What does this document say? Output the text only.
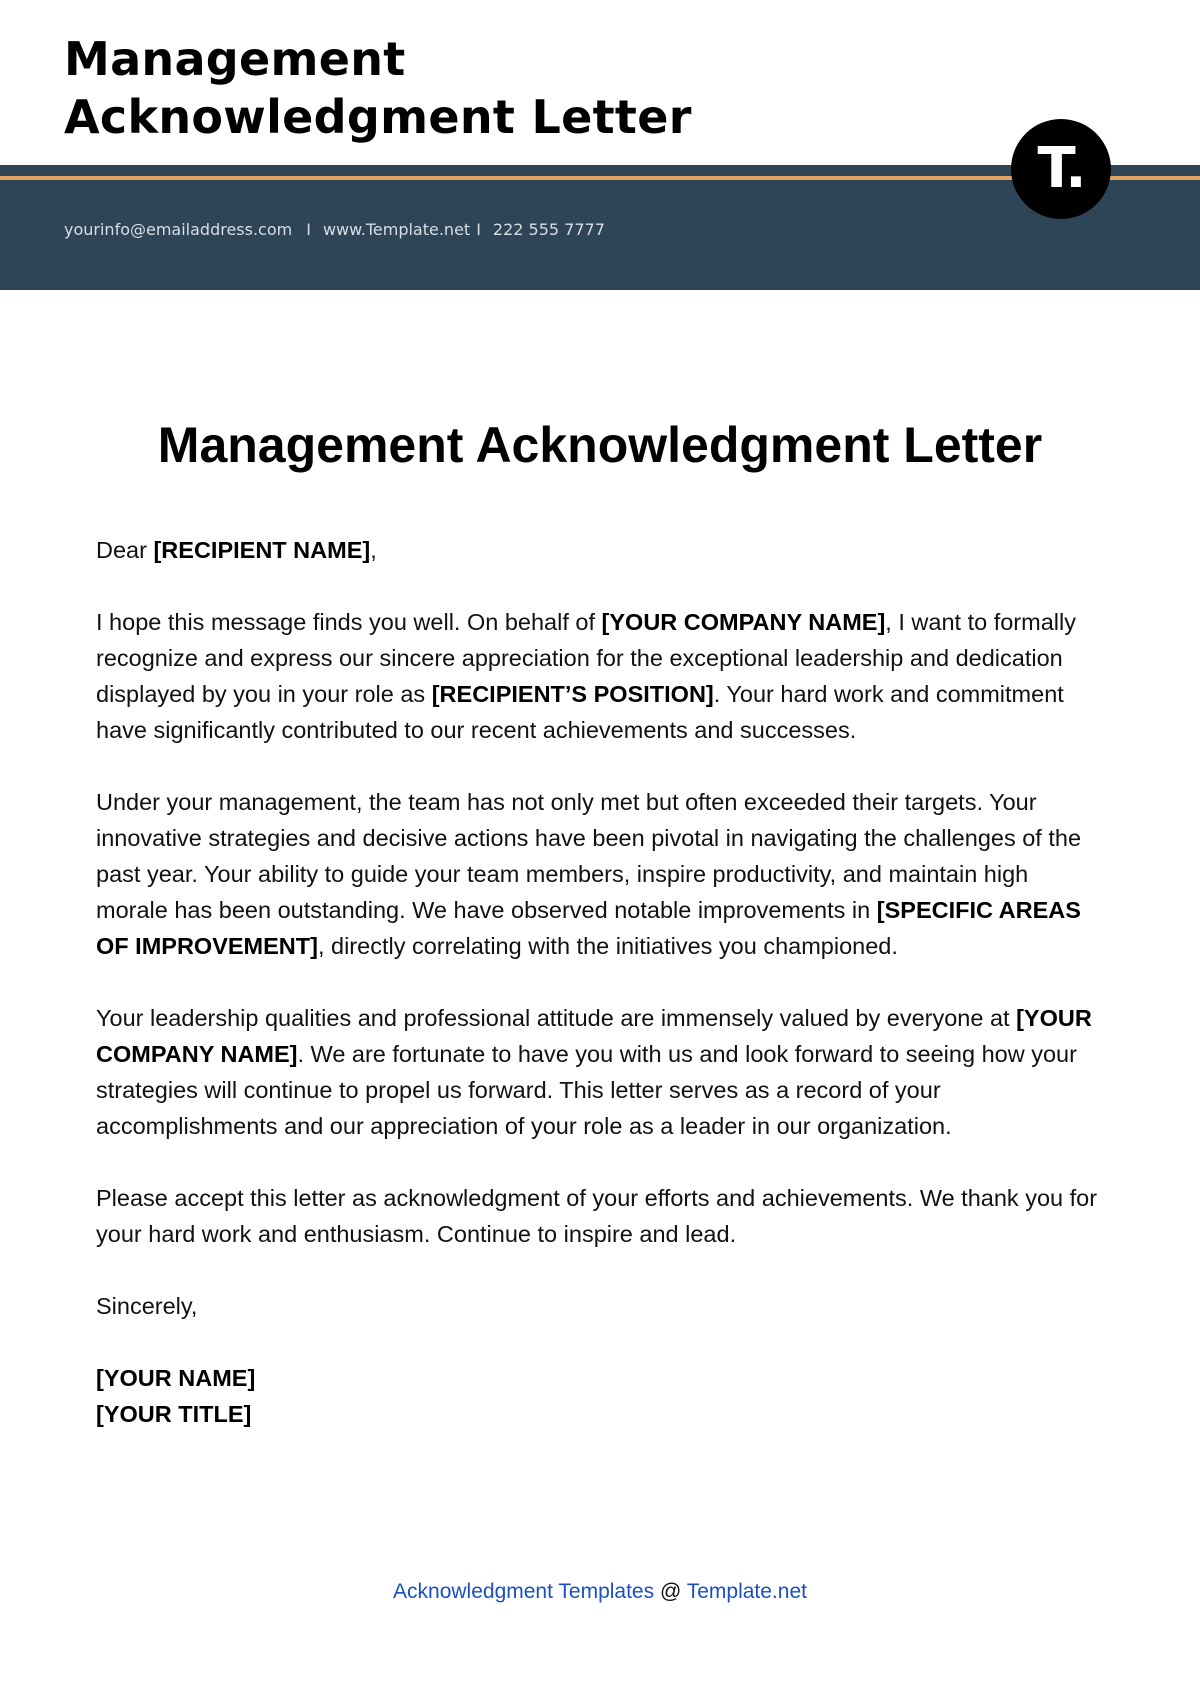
Management
Acknowledgment Letter
yourinfo@emailaddress.com I www.Template.net I 222 555 7777
T.
Management Acknowledgment Letter

Dear [RECIPIENT NAME],

I hope this message finds you well. On behalf of [YOUR COMPANY NAME], I want to formally recognize and express our sincere appreciation for the exceptional leadership and dedication displayed by you in your role as [RECIPIENT’S POSITION]. Your hard work and commitment have significantly contributed to our recent achievements and successes.

Under your management, the team has not only met but often exceeded their targets. Your innovative strategies and decisive actions have been pivotal in navigating the challenges of the past year. Your ability to guide your team members, inspire productivity, and maintain high morale has been outstanding. We have observed notable improvements in [SPECIFIC AREAS OF IMPROVEMENT], directly correlating with the initiatives you championed.

Your leadership qualities and professional attitude are immensely valued by everyone at [YOUR COMPANY NAME]. We are fortunate to have you with us and look forward to seeing how your strategies will continue to propel us forward. This letter serves as a record of your accomplishments and our appreciation of your role as a leader in our organization.

Please accept this letter as acknowledgment of your efforts and achievements. We thank you for your hard work and enthusiasm. Continue to inspire and lead.

Sincerely,

[YOUR NAME]
[YOUR TITLE]

Acknowledgment Templates @ Template.net
